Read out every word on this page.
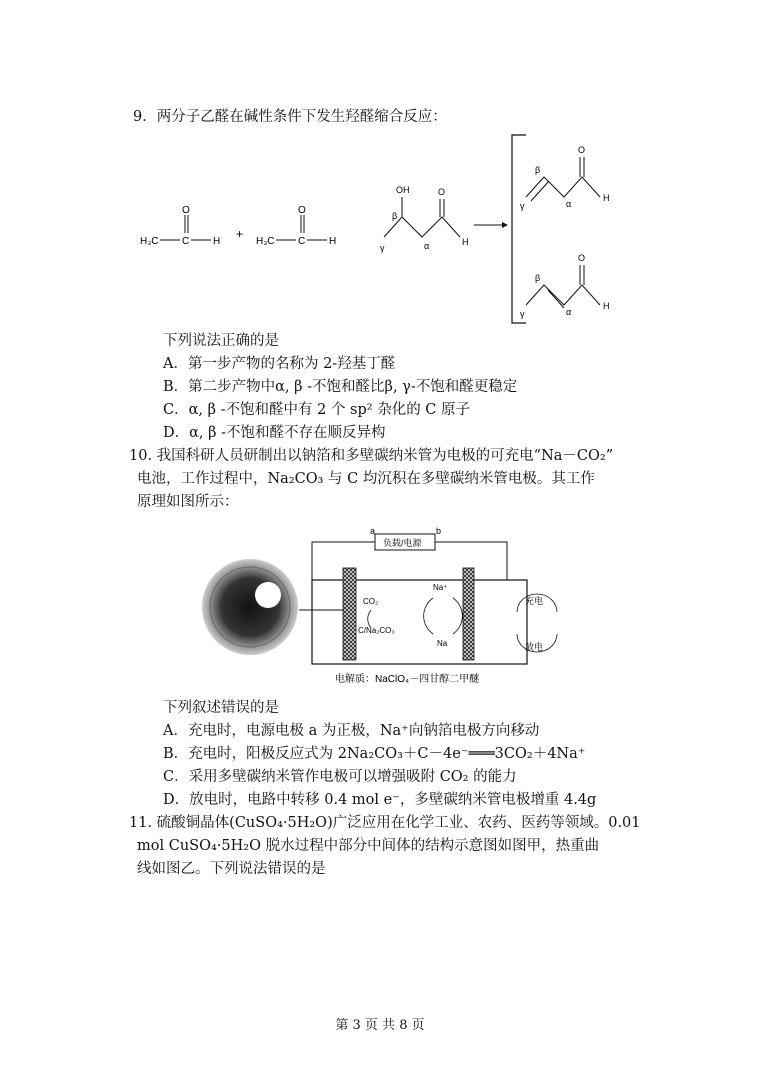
9．两分子乙醛在碱性条件下发生羟醛缩合反应：
H₃C C H
O
+
H₃C C H
O
OH	O
H
β
α
γ
O
H
β
α
γ
O
H
β
α
γ
下列说法正确的是
A．第一步产物的名称为 2-羟基丁醛
B．第二步产物中α, β -不饱和醛比β, γ-不饱和醛更稳定
C．α, β -不饱和醛中有 2 个 sp² 杂化的 C 原子
D．α, β -不饱和醛不存在顺反异构
10. 我国科研人员研制出以钠箔和多壁碳纳米管为电极的可充电“Na－CO₂”
电池，工作过程中，Na₂CO₃ 与 C 均沉积在多壁碳纳米管电极。其工作
原理如图所示：
负载/电源
a	b
CO₂
C/Na₂CO₃
Na⁺
Na
充电
放电
电解质：NaClO₄－四甘醇二甲醚
下列叙述错误的是
A．充电时，电源电极 a 为正极，Na⁺向钠箔电极方向移动
B．充电时，阳极反应式为 2Na₂CO₃＋C－4e⁻═══3CO₂＋4Na⁺
C．采用多壁碳纳米管作电极可以增强吸附 CO₂ 的能力
D．放电时，电路中转移 0.4 mol e⁻，多壁碳纳米管电极增重 4.4g
11. 硫酸铜晶体(CuSO₄·5H₂O)广泛应用在化学工业、农药、医药等领域。0.01
mol CuSO₄·5H₂O 脱水过程中部分中间体的结构示意图如图甲，热重曲
线如图乙。下列说法错误的是
第 3 页 共 8 页
